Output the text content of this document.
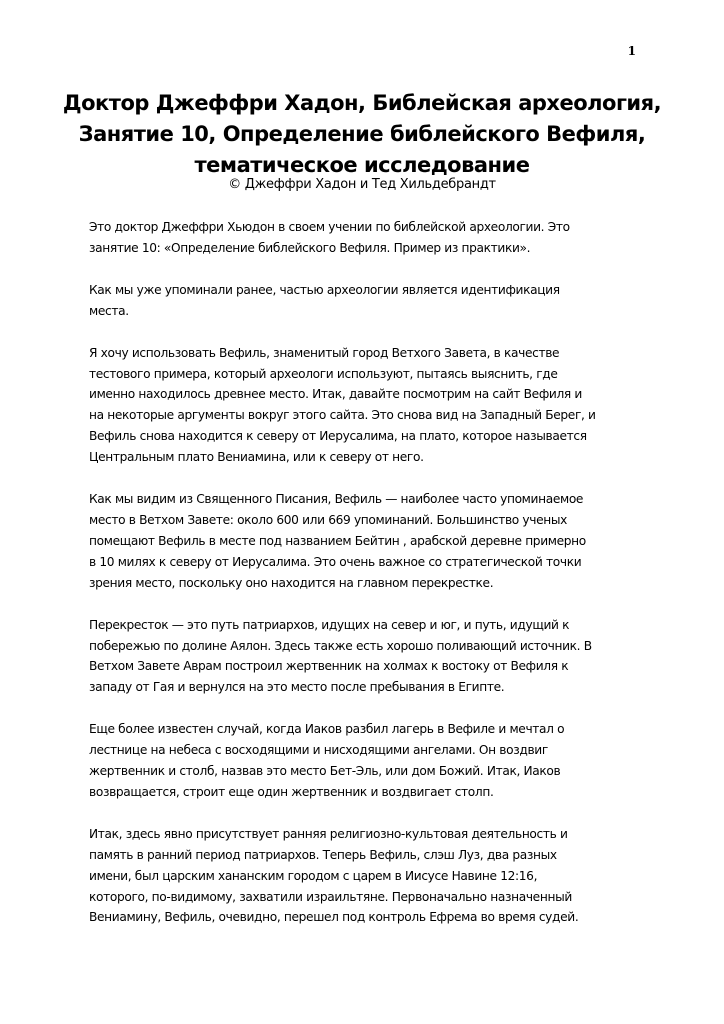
1
Доктор Джеффри Хадон, Библейская археология,
Занятие 10, Определение библейского Вефиля,
тематическое исследование
© Джеффри Хадон и Тед Хильдебрандт

Это доктор Джеффри Хьюдон в своем учении по библейской археологии. Это
занятие 10: «Определение библейского Вефиля. Пример из практики».

Как мы уже упоминали ранее, частью археологии является идентификация
места.

Я хочу использовать Вефиль, знаменитый город Ветхого Завета, в качестве
тестового примера, который археологи используют, пытаясь выяснить, где
именно находилось древнее место. Итак, давайте посмотрим на сайт Вефиля и
на некоторые аргументы вокруг этого сайта. Это снова вид на Западный Берег, и
Вефиль снова находится к северу от Иерусалима, на плато, которое называется
Центральным плато Вениамина, или к северу от него.

Как мы видим из Священного Писания, Вефиль — наиболее часто упоминаемое
место в Ветхом Завете: около 600 или 669 упоминаний. Большинство ученых
помещают Вефиль в месте под названием Бейтин , арабской деревне примерно
в 10 милях к северу от Иерусалима. Это очень важное со стратегической точки
зрения место, поскольку оно находится на главном перекрестке.

Перекресток — это путь патриархов, идущих на север и юг, и путь, идущий к
побережью по долине Аялон. Здесь также есть хорошо поливающий источник. В
Ветхом Завете Аврам построил жертвенник на холмах к востоку от Вефиля к
западу от Гая и вернулся на это место после пребывания в Египте.

Еще более известен случай, когда Иаков разбил лагерь в Вефиле и мечтал о
лестнице на небеса с восходящими и нисходящими ангелами. Он воздвиг
жертвенник и столб, назвав это место Бет-Эль, или дом Божий. Итак, Иаков
возвращается, строит еще один жертвенник и воздвигает столп.

Итак, здесь явно присутствует ранняя религиозно-культовая деятельность и
память в ранний период патриархов. Теперь Вефиль, слэш Луз, два разных
имени, был царским хананским городом с царем в Иисусе Навине 12:16,
которого, по-видимому, захватили израильтяне. Первоначально назначенный
Вениамину, Вефиль, очевидно, перешел под контроль Ефрема во время судей.
